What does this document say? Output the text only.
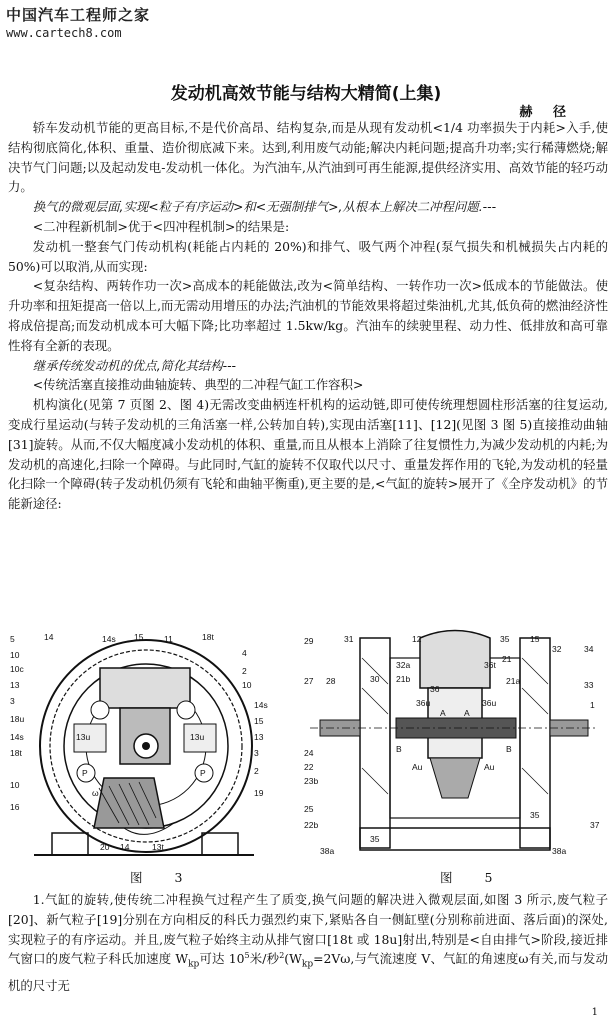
中国汽车工程师之家
www.cartech8.com
发动机高效节能与结构大精简(上集)
赫 径

轿车发动机节能的更高目标,不是代价高昂、结构复杂,而是从现有发动机<1/4 功率损失于内耗>入手,使结构彻底简化,体积、重量、造价彻底减下来。达到,利用废气动能;解决内耗问题;提高升功率;实行稀薄燃烧;解决节气门问题;以及起动发电-发动机一体化。为汽油车,从汽油到可再生能源,提供经济实用、高效节能的轻巧动力。

换气的微观层面,实现<粒子有序运动>和<无强制排气>,从根本上解决二冲程问题.---

<二冲程新机制>优于<四冲程机制>的结果是:

发动机一整套气门传动机构(耗能占内耗的 20%)和排气、吸气两个冲程(泵气损失和机械损失占内耗的 50%)可以取消,从而实现:

<复杂结构、两转作功一次>高成本的耗能做法,改为<简单结构、一转作功一次>低成本的节能做法。使升功率和扭矩提高一倍以上,而无需动用增压的办法;汽油机的节能效果将超过柴油机,尤其,低负荷的燃油经济性将成倍提高;而发动机成本可大幅下降;比功率超过 1.5kw/kg。汽油车的续驶里程、动力性、低排放和高可靠性将有全新的表现。

继承传统发动机的优点,简化其结构---

<传统活塞直接推动曲轴旋转、典型的二冲程气缸工作容积>

机构演化(见第 7 页图 2、图 4)无需改变曲柄连杆机构的运动链,即可使传统理想圆柱形活塞的往复运动,变成行星运动(与转子发动机的三角活塞一样,公转加自转),实现由活塞[11]、[12](见图 3 图 5)直接推动曲轴[31]旋转。从而,不仅大幅度减小发动机的体积、重量,而且从根本上消除了往复惯性力,为减少发动机的内耗;为发动机的高速化,扫除一个障碍。与此同时,气缸的旋转不仅取代以尺寸、重量发挥作用的飞轮,为发动机的轻量化扫除一个障碍(转子发动机仍须有飞轮和曲轴平衡重),更主要的是,<气缸的旋转>展开了《全序发动机》的节能新途径:

5	14	14s 15 11	18t
10	4
10c	2
13
14s
3
15
18u
13
13u	13u
14s
18t
P	P
ω
2
19
16
20 14	13t
10
3
10
29	31	12	35 15
21
32	34
32a
21b
30
36t
21a
36
27 28
36u	36u
33
1
B
A A
B
24
22
23b
25
22b
38a
35
35
38a
37
Au	Au
图 3	图 5

1.气缸的旋转,使传统二冲程换气过程产生了质变,换气问题的解决进入微观层面,如图 3 所示,废气粒子[20]、新气粒子[19]分别在方向相反的科氏力强烈约束下,紧贴各自一侧缸壁(分别称前进面、落后面)的深处,实现粒子的有序运动。并且,废气粒子始终主动从排气窗口[18t 或 18u]射出,特别是<自由排气>阶段,接近排气窗口的废气粒子科氏加速度 $W_{kp}$可达 $10^5$米/秒$^2(W_{kp}=2V\omega$,与气流速度 V、气缸的角速度ω有关,而与发动机的尺寸无

1
